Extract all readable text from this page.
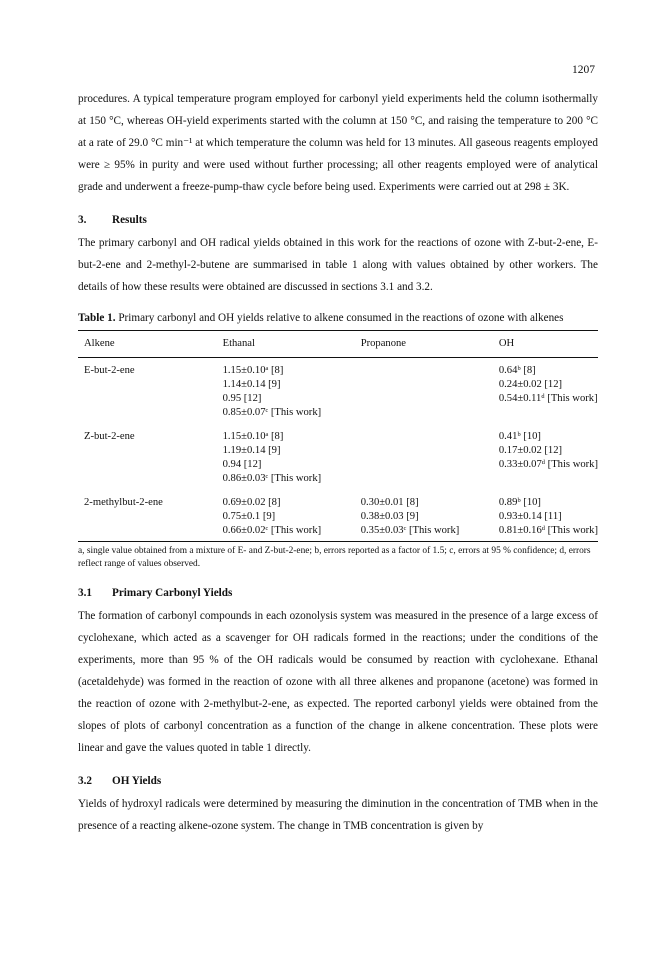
1207

procedures. A typical temperature program employed for carbonyl yield experiments held the column isothermally at 150 °C, whereas OH-yield experiments started with the column at 150 °C, and raising the temperature to 200 °C at a rate of 29.0 °C min⁻¹ at which temperature the column was held for 13 minutes. All gaseous reagents employed were ≥ 95% in purity and were used without further processing; all other reagents employed were of analytical grade and underwent a freeze-pump-thaw cycle before being used. Experiments were carried out at 298 ± 3K.

3. Results

The primary carbonyl and OH radical yields obtained in this work for the reactions of ozone with Z-but-2-ene, E-but-2-ene and 2-methyl-2-butene are summarised in table 1 along with values obtained by other workers. The details of how these results were obtained are discussed in sections 3.1 and 3.2.

Table 1. Primary carbonyl and OH yields relative to alkene consumed in the reactions of ozone with alkenes
Alkene	Ethanal	Propanone	OH
E-but-2-ene	1.15±0.10ᵃ [8]
1.14±0.14 [9]
0.95 [12]
0.85±0.07ᶜ [This work]		0.64ᵇ [8]
0.24±0.02 [12]
0.54±0.11ᵈ [This work]

Z-but-2-ene	1.15±0.10ᵃ [8]
1.19±0.14 [9]
0.94 [12]
0.86±0.03ᶜ [This work]		0.41ᵇ [10]
0.17±0.02 [12]
0.33±0.07ᵈ [This work]

2-methylbut-2-ene	0.69±0.02 [8]
0.75±0.1 [9]
0.66±0.02ᶜ [This work]	0.30±0.01 [8]
0.38±0.03 [9]
0.35±0.03ᶜ [This work]	0.89ᵇ [10]
0.93±0.14 [11]
0.81±0.16ᵈ [This work]
a, single value obtained from a mixture of E- and Z-but-2-ene; b, errors reported as a factor of 1.5; c, errors at 95 % confidence; d, errors reflect range of values observed.
3.1 Primary Carbonyl Yields

The formation of carbonyl compounds in each ozonolysis system was measured in the presence of a large excess of cyclohexane, which acted as a scavenger for OH radicals formed in the reactions; under the conditions of the experiments, more than 95 % of the OH radicals would be consumed by reaction with cyclohexane. Ethanal (acetaldehyde) was formed in the reaction of ozone with all three alkenes and propanone (acetone) was formed in the reaction of ozone with 2-methylbut-2-ene, as expected. The reported carbonyl yields were obtained from the slopes of plots of carbonyl concentration as a function of the change in alkene concentration. These plots were linear and gave the values quoted in table 1 directly.

3.2 OH Yields

Yields of hydroxyl radicals were determined by measuring the diminution in the concentration of TMB when in the presence of a reacting alkene-ozone system. The change in TMB concentration is given by
